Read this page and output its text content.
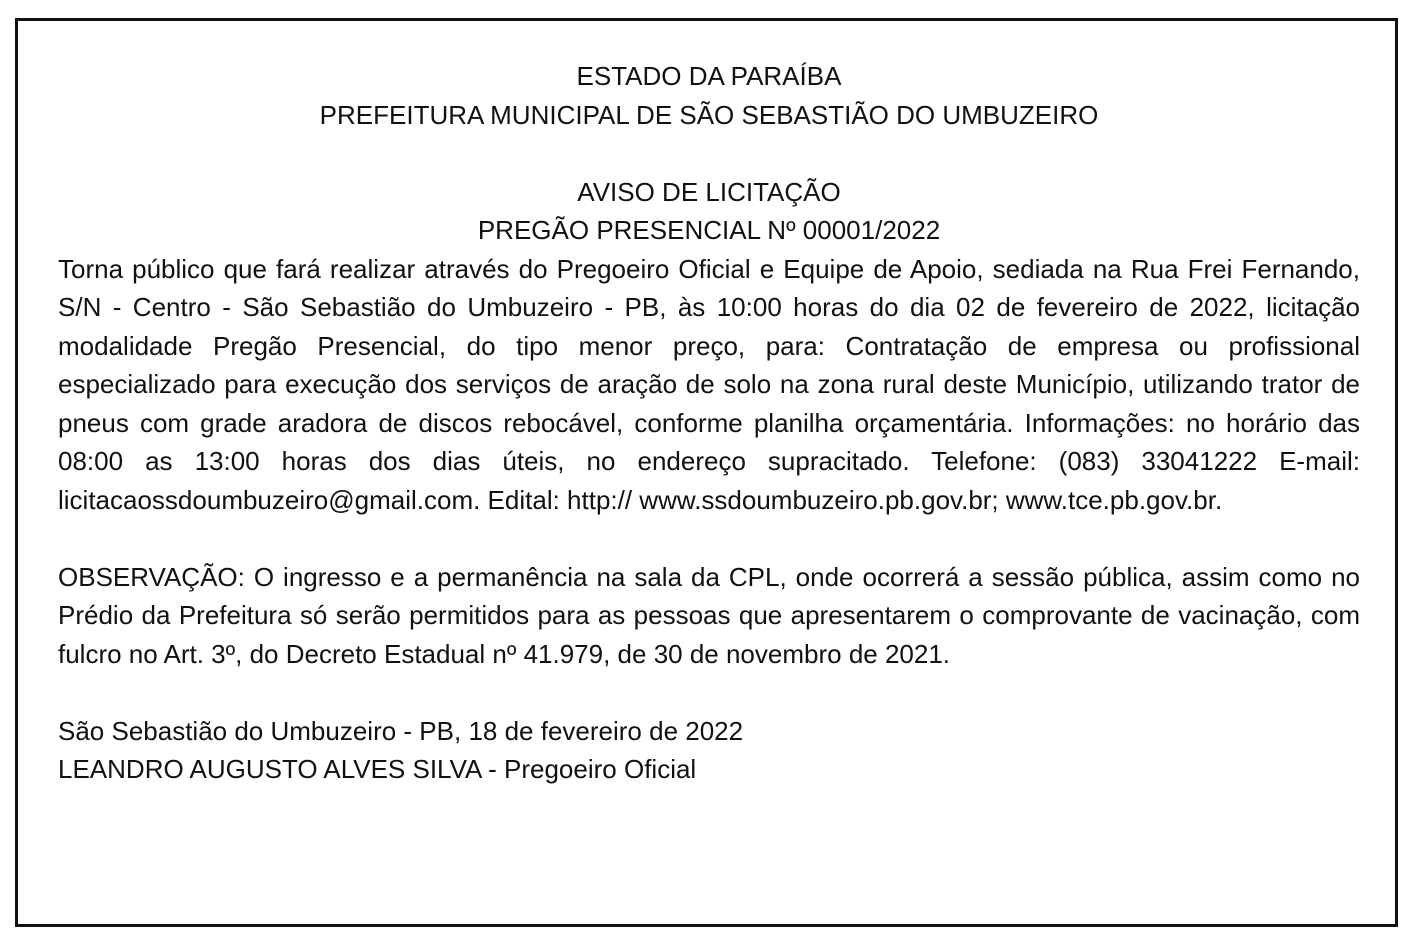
ESTADO DA PARAÍBA

PREFEITURA MUNICIPAL DE SÃO SEBASTIÃO DO UMBUZEIRO

AVISO DE LICITAÇÃO

PREGÃO PRESENCIAL Nº 00001/2022

Torna público que fará realizar através do Pregoeiro Oficial e Equipe de Apoio, sediada na Rua Frei Fernando, S/N - Centro - São Sebastião do Umbuzeiro - PB, às 10:00 horas do dia 02 de fevereiro de 2022, licitação modalidade Pregão Presencial, do tipo menor preço, para: Contratação de empresa ou profissional especializado para execução dos serviços de aração de solo na zona rural deste Município, utilizando trator de pneus com grade aradora de discos rebocável, conforme planilha orçamentária. Informações: no horário das 08:00 as 13:00 horas dos dias úteis, no endereço supracitado. Telefone: (083) 33041222 E-mail: licitacaossdoumbuzeiro@gmail.com. Edital: http:// www.ssdoumbuzeiro.pb.gov.br; www.tce.pb.gov.br.

OBSERVAÇÃO: O ingresso e a permanência na sala da CPL, onde ocorrerá a sessão pública, assim como no Prédio da Prefeitura só serão permitidos para as pessoas que apresentarem o comprovante de vacinação, com fulcro no Art. 3º, do Decreto Estadual nº 41.979, de 30 de novembro de 2021.

São Sebastião do Umbuzeiro - PB, 18 de fevereiro de 2022

LEANDRO AUGUSTO ALVES SILVA - Pregoeiro Oficial
